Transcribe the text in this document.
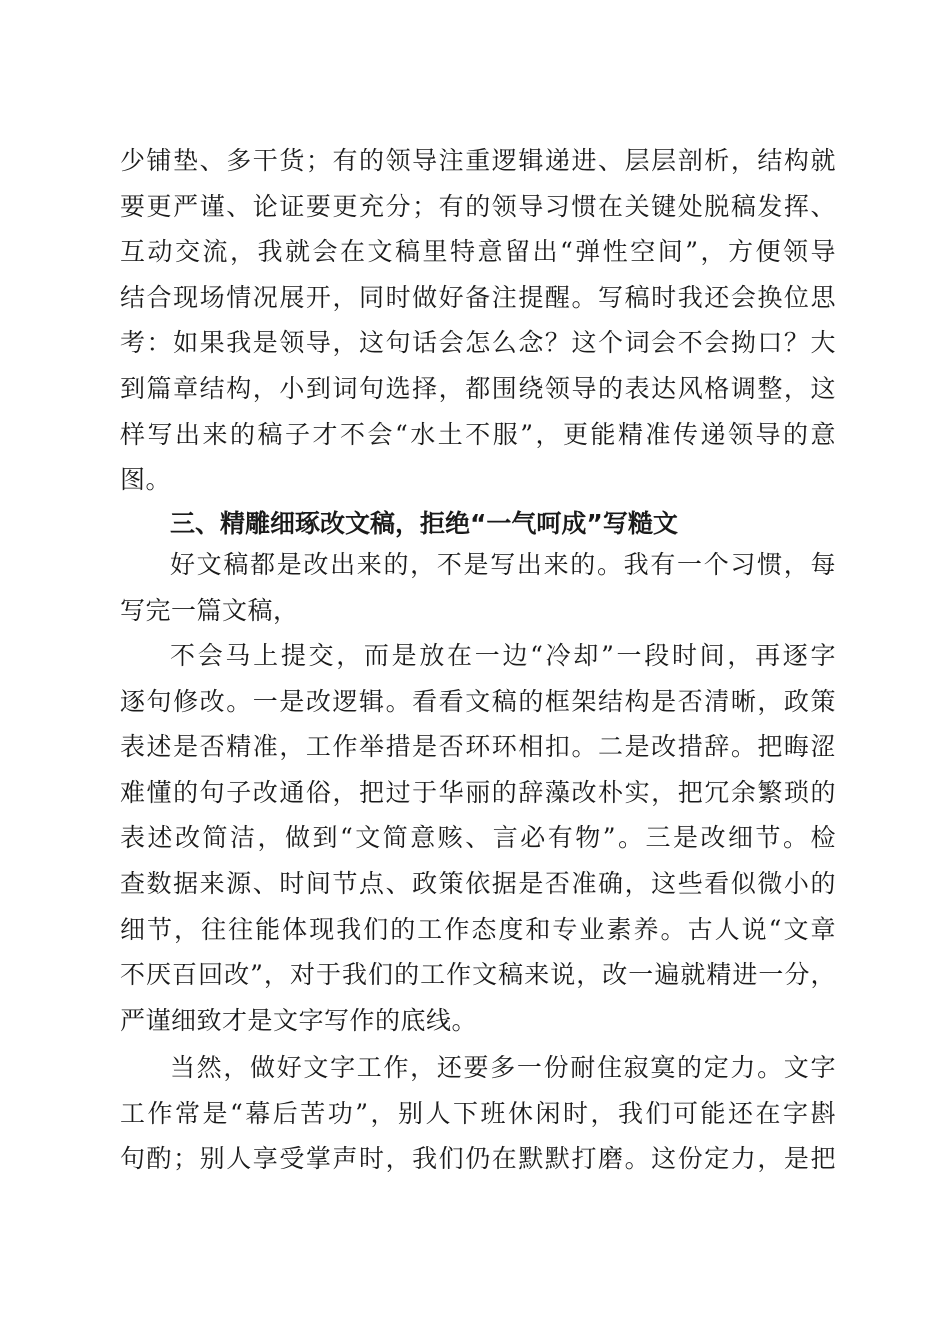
少铺垫、多干货；有的领导注重逻辑递进、层层剖析，结构就
要更严谨、论证要更充分；有的领导习惯在关键处脱稿发挥、
互动交流，我就会在文稿里特意留出“弹性空间”，方便领导
结合现场情况展开，同时做好备注提醒。写稿时我还会换位思
考：如果我是领导，这句话会怎么念？这个词会不会拗口？大
到篇章结构，小到词句选择，都围绕领导的表达风格调整，这
样写出来的稿子才不会“水土不服”，更能精准传递领导的意
图。
三、精雕细琢改文稿，拒绝“一气呵成”写糙文
好文稿都是改出来的，不是写出来的。我有一个习惯，每
写完一篇文稿，
不会马上提交，而是放在一边“冷却”一段时间，再逐字
逐句修改。一是改逻辑。看看文稿的框架结构是否清晰，政策
表述是否精准，工作举措是否环环相扣。二是改措辞。把晦涩
难懂的句子改通俗，把过于华丽的辞藻改朴实，把冗余繁琐的
表述改简洁，做到“文简意赅、言必有物”。三是改细节。检
查数据来源、时间节点、政策依据是否准确，这些看似微小的
细节，往往能体现我们的工作态度和专业素养。古人说“文章
不厌百回改”，对于我们的工作文稿来说，改一遍就精进一分，
严谨细致才是文字写作的底线。
当然，做好文字工作，还要多一份耐住寂寞的定力。文字
工作常是“幕后苦功”，别人下班休闲时，我们可能还在字斟
句酌；别人享受掌声时，我们仍在默默打磨。这份定力，是把
